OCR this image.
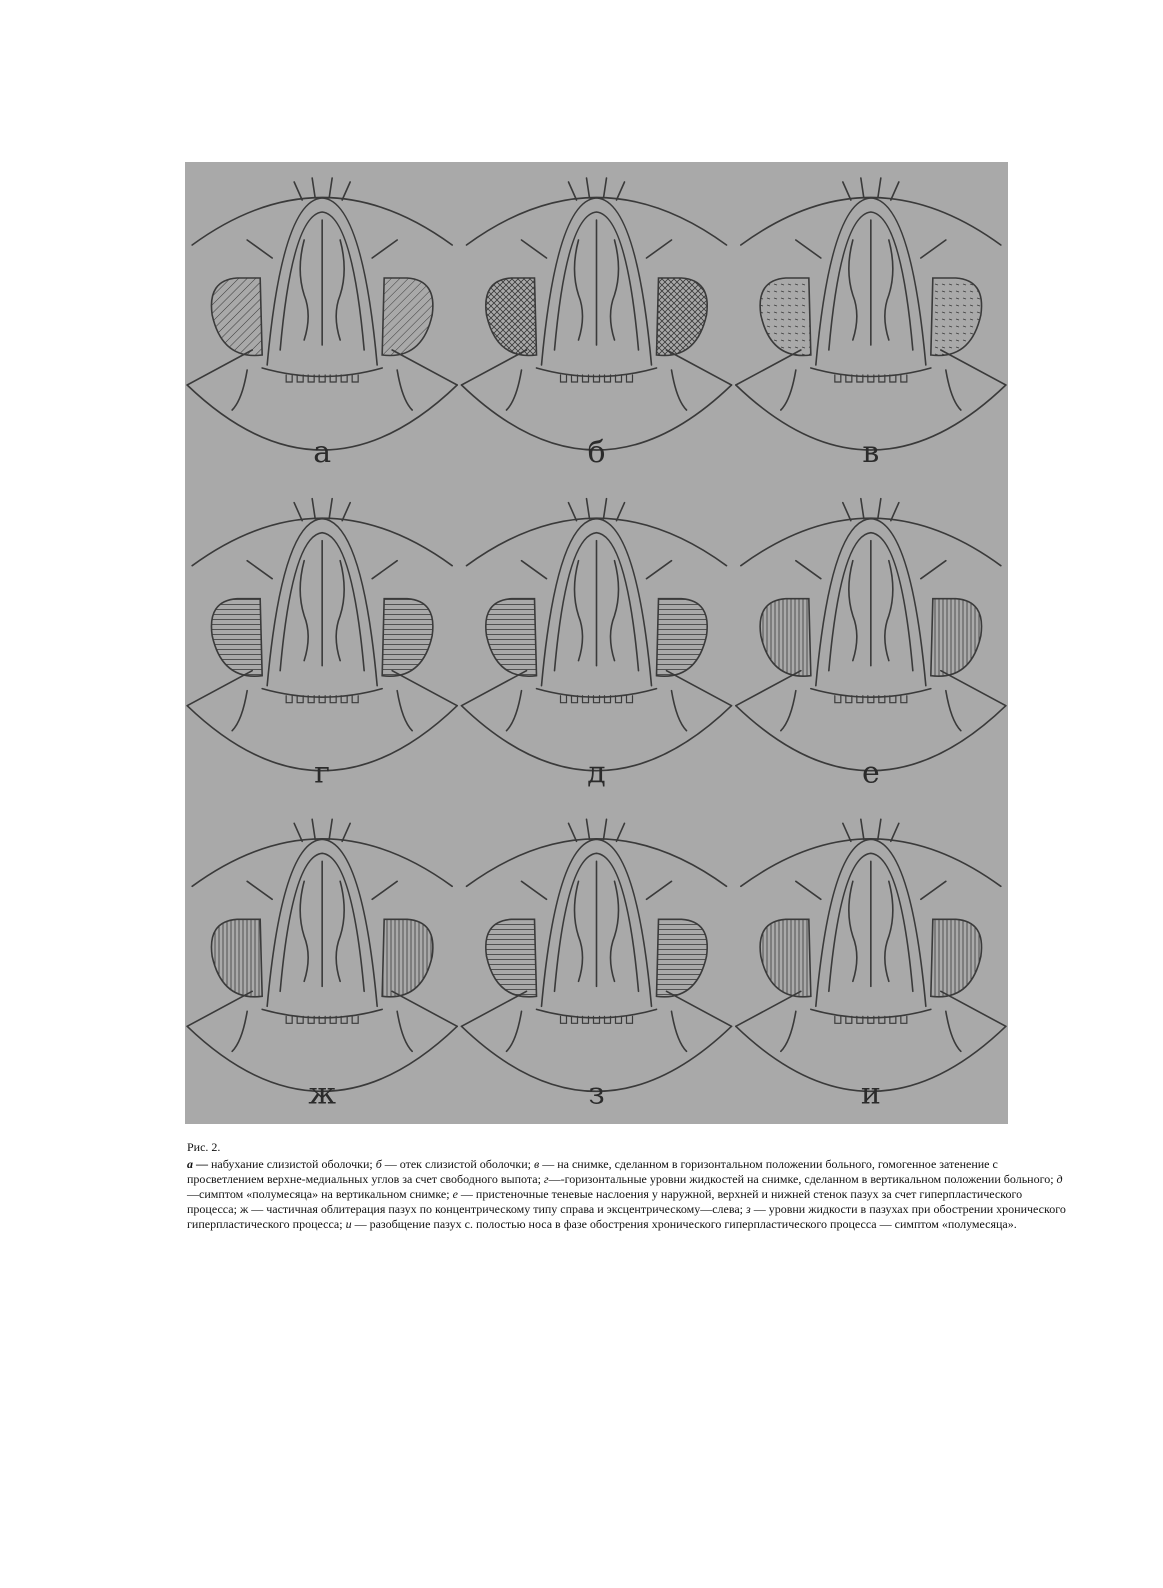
а	б	в
г	д	е
ж	з	и
Рис. 2.
а — набухание слизистой оболочки; б — отек слизистой оболочки; в — на снимке, сделанном в горизонтальном положении больного, гомогенное затенение с просветлением верхне-медиальных углов за счет свободного выпота; г—-горизонтальные уровни жидкостей на снимке, сделанном в вертикальном положении больного; д—симптом «полумесяца» на вертикальном снимке; е — пристеночные теневые наслоения у наружной, верхней и нижней стенок пазух за счет гиперпластического процесса; ж — частичная облитерация пазух по концентрическому типу справа и эксцентрическому—слева; з — уровни жидкости в пазухах при обострении хронического гиперпластического процесса; и — разобщение пазух с. полостью носа в фазе обострения хронического гиперпластического процесса — симптом «полумесяца».
